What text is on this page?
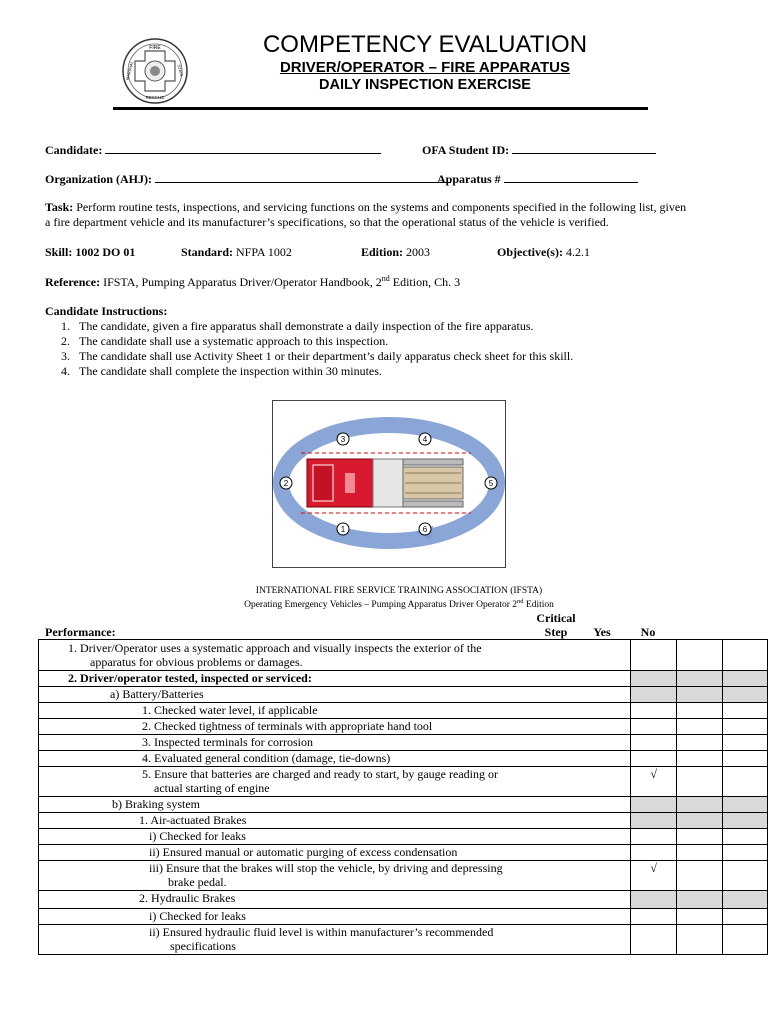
FIRE
RESCUE
MARSHAL	STATE
COMPETENCY EVALUATION
DRIVER/OPERATOR – FIRE APPARATUS
DAILY INSPECTION EXERCISE
Candidate:	OFA Student ID:
Organization (AHJ):	Apparatus #
Task: Perform routine tests, inspections, and servicing functions on the systems and components specified in the following list, given
a fire department vehicle and its manufacturer’s specifications, so that the operational status of the vehicle is verified.
Skill: 1002 DO 01	Standard: NFPA 1002	Edition: 2003	Objective(s): 4.2.1
Reference: IFSTA, Pumping Apparatus Driver/Operator Handbook, 2nd Edition, Ch. 3
Candidate Instructions:
1. The candidate, given a fire apparatus shall demonstrate a daily inspection of the fire apparatus.
2. The candidate shall use a systematic approach to this inspection.
3. The candidate shall use Activity Sheet 1 or their department’s daily apparatus check sheet for this skill.
4. The candidate shall complete the inspection within 30 minutes.
1
2
3	4
5
6
INTERNATIONAL FIRE SERVICE TRAINING ASSOCIATION (IFSTA)
Operating Emergency Vehicles – Pumping Apparatus Driver Operator 2nd Edition
Performance:
Critical
Step	Yes	No
1. Driver/Operator uses a systematic approach and visually inspects the exterior of the
apparatus for obvious problems or damages.			

2. Driver/operator tested, inspected or serviced:			
a) Battery/Batteries			
1. Checked water level, if applicable			
2. Checked tightness of terminals with appropriate hand tool			
3. Inspected terminals for corrosion			
4. Evaluated general condition (damage, tie-downs)			

5. Ensure that batteries are charged and ready to start, by gauge reading or
actual starting of engine	√		
b) Braking system			
1. Air-actuated Brakes			
i) Checked for leaks			
ii) Ensured manual or automatic purging of excess condensation			

iii) Ensure that the brakes will stop the vehicle, by driving and depressing
brake pedal.	√		
2. Hydraulic Brakes			
i) Checked for leaks			

ii) Ensured hydraulic fluid level is within manufacturer’s recommended
specifications			
